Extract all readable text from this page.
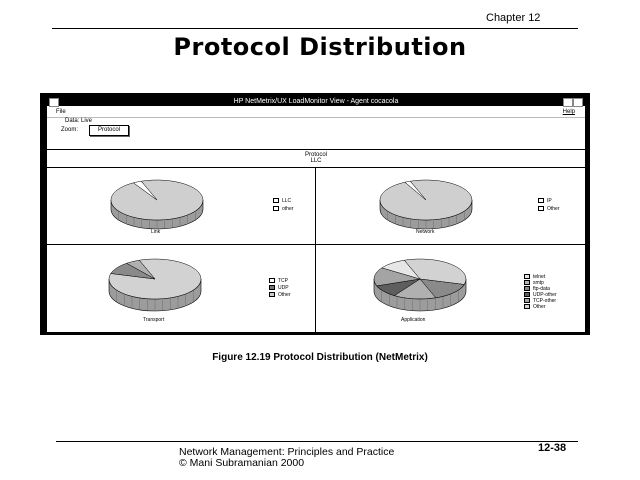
Chapter 12
Protocol Distribution
HP NetMetrix/UX LoadMonitor View - Agent cocacola
File	Help
Data: Live
Zoom:	Protocol
Protocol
LLC
Link
LLC
other
Network
IP
Other
Transport
TCP
UDP
Other
Application
telnet
smtp
ftp-data
UDP-other
TCP-other
Other
Figure 12.19 Protocol Distribution (NetMetrix)
Network Management: Principles and Practice
© Mani Subramanian 2000
12-38
